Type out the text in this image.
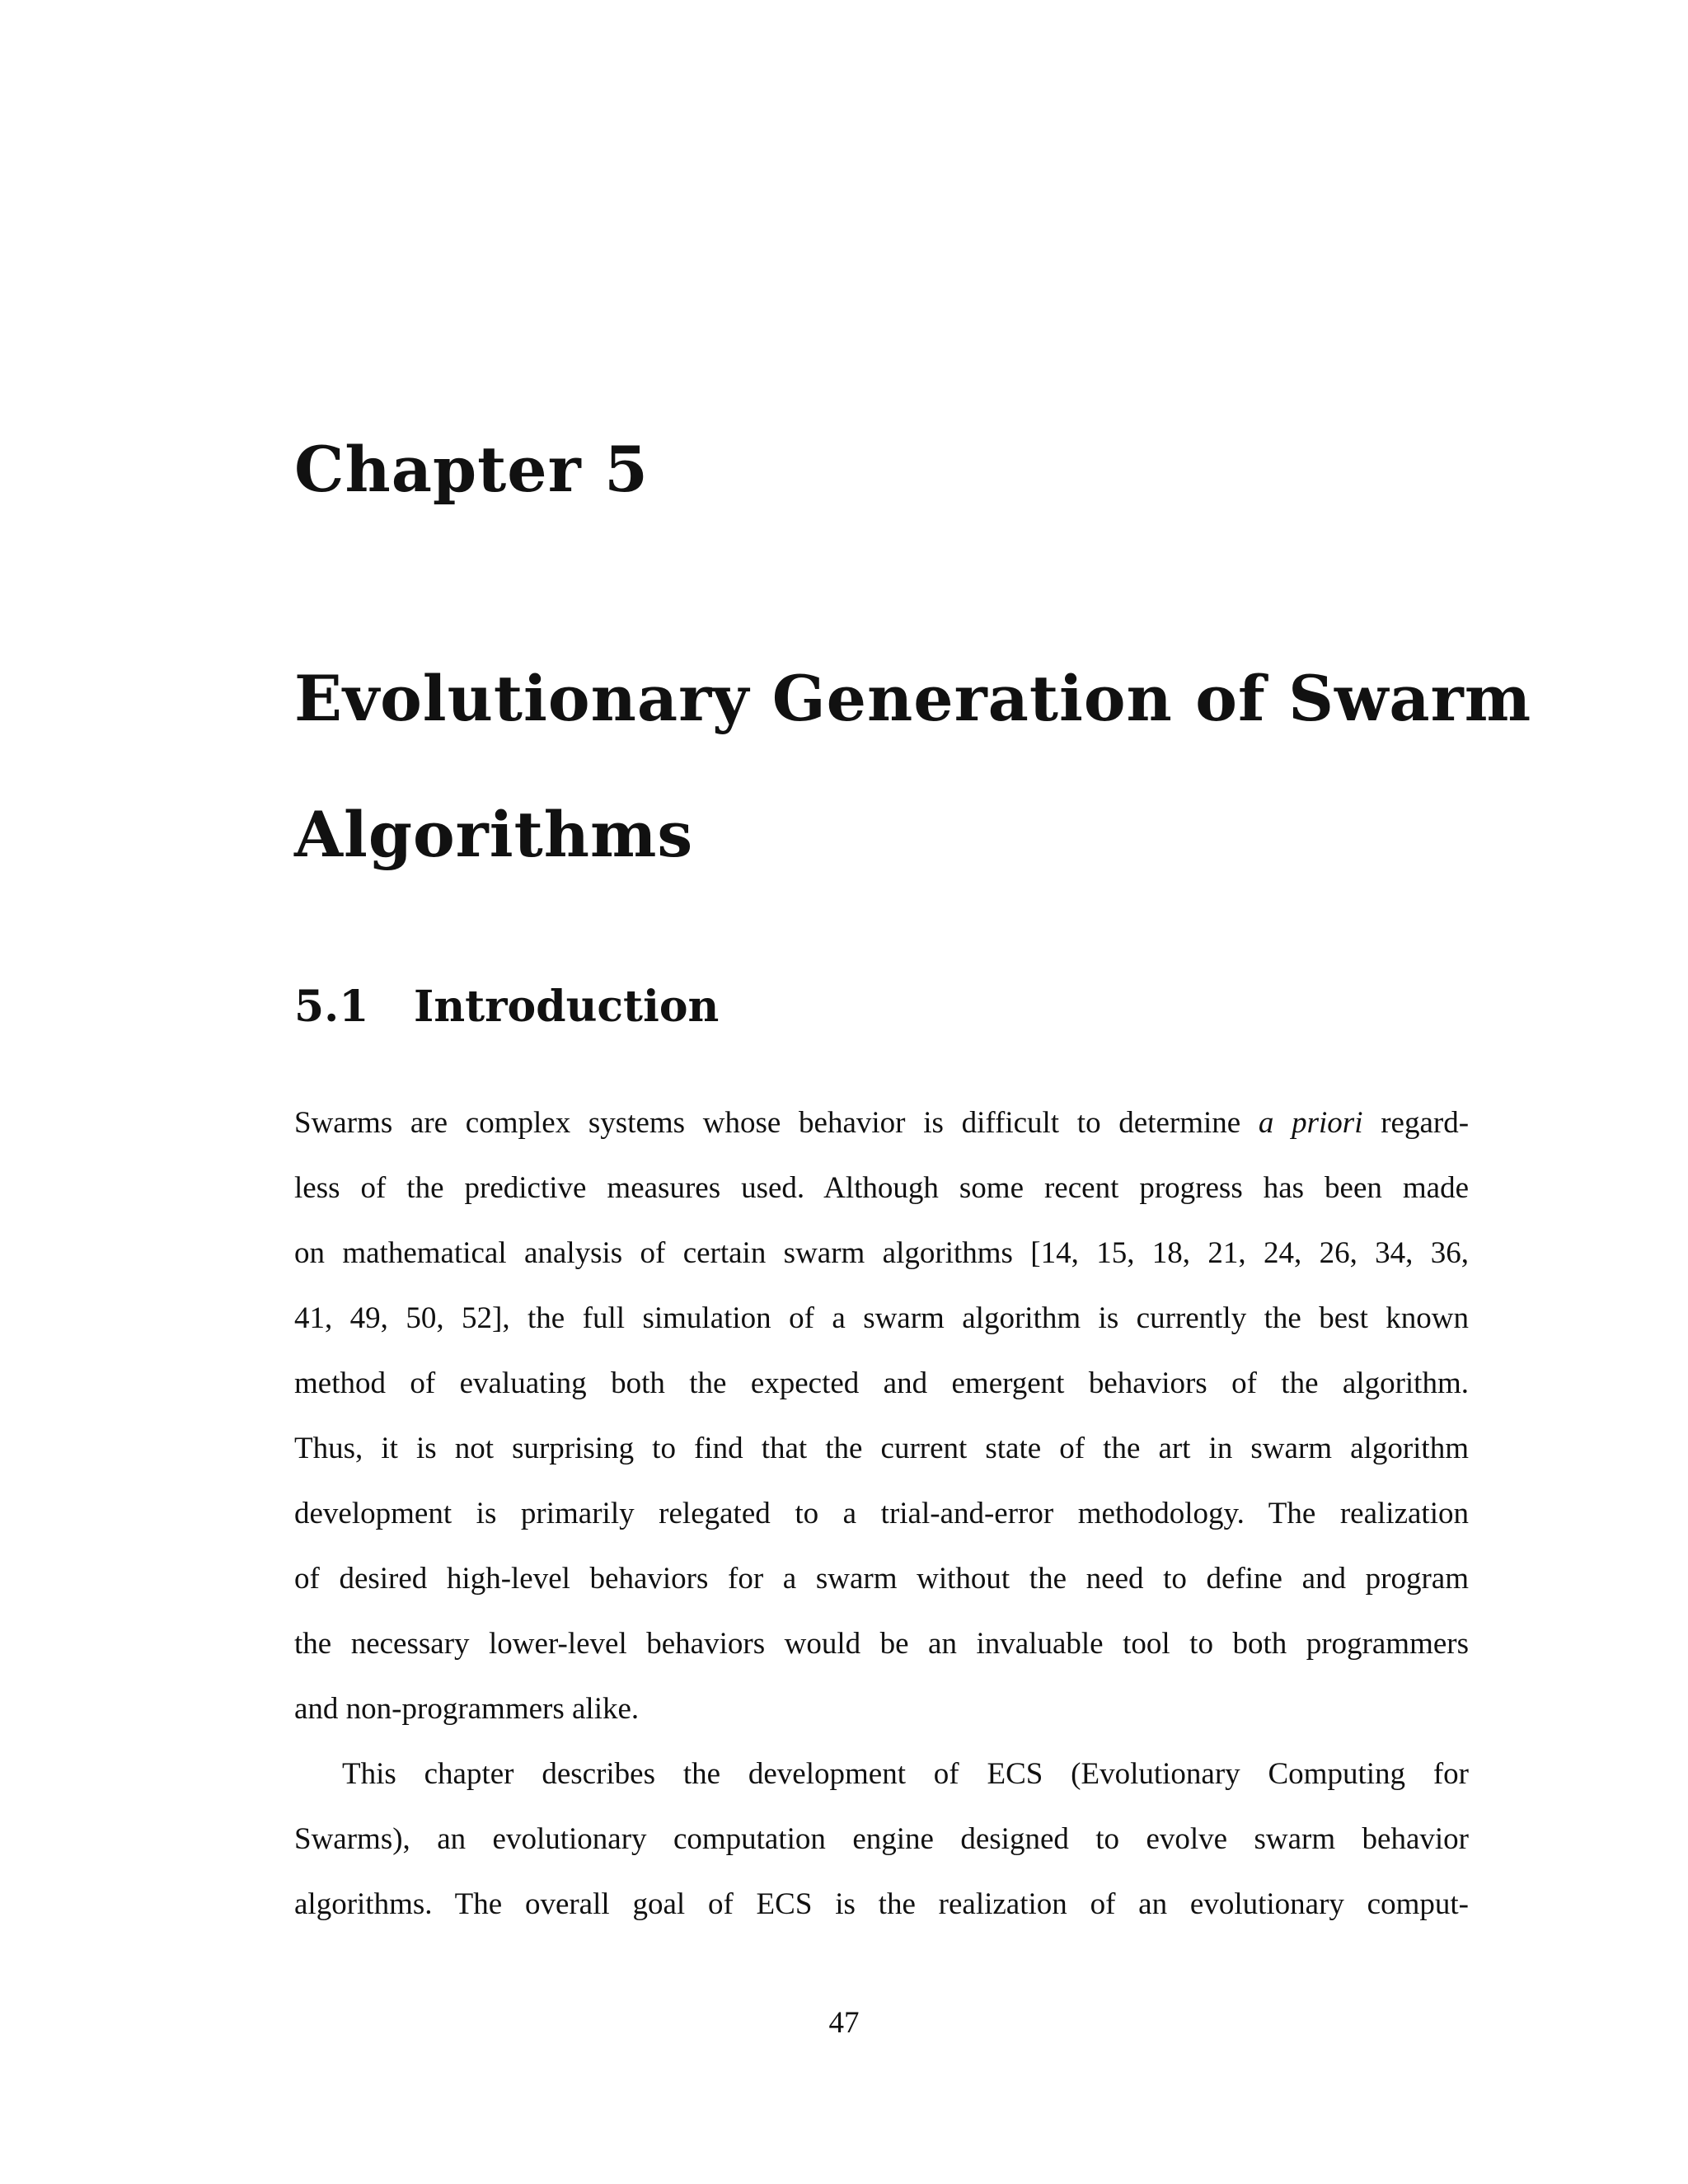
Chapter 5
Evolutionary Generation of Swarm
Algorithms
5.1 Introduction

Swarms are complex systems whose behavior is difficult to determine a priori regard-
less of the predictive measures used. Although some recent progress has been made
on mathematical analysis of certain swarm algorithms [14, 15, 18, 21, 24, 26, 34, 36,
41, 49, 50, 52], the full simulation of a swarm algorithm is currently the best known
method of evaluating both the expected and emergent behaviors of the algorithm.
Thus, it is not surprising to find that the current state of the art in swarm algorithm
development is primarily relegated to a trial-and-error methodology. The realization
of desired high-level behaviors for a swarm without the need to define and program
the necessary lower-level behaviors would be an invaluable tool to both programmers
and non-programmers alike.

This chapter describes the development of ECS (Evolutionary Computing for
Swarms), an evolutionary computation engine designed to evolve swarm behavior
algorithms. The overall goal of ECS is the realization of an evolutionary comput-

47
